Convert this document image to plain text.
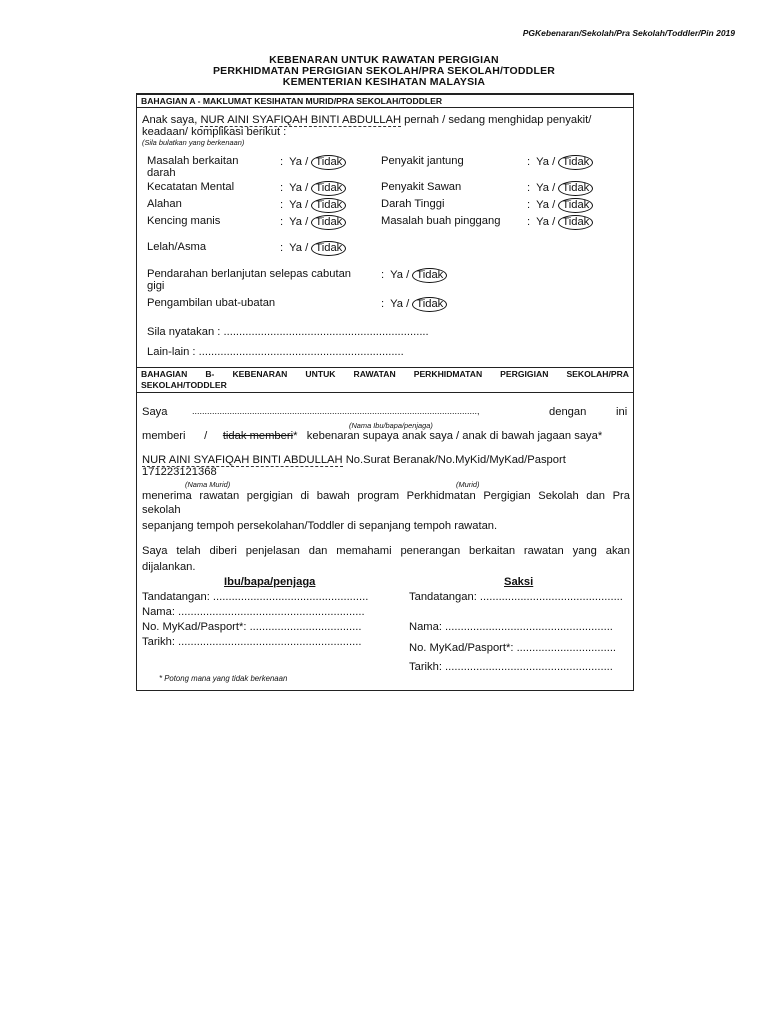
PGKebenaran/Sekolah/Pra Sekolah/Toddler/Pin 2019
KEBENARAN UNTUK RAWATAN PERGIGIAN
PERKHIDMATAN PERGIGIAN SEKOLAH/PRA SEKOLAH/TODDLER
KEMENTERIAN KESIHATAN MALAYSIA
BAHAGIAN A - MAKLUMAT KESIHATAN MURID/PRA SEKOLAH/TODDLER
Anak saya, NUR AINI SYAFIQAH BINTI ABDULLAH pernah / sedang menghidap penyakit/
keadaan/ komplikasi berikut :
(Sila bulatkan yang berkenaan)
Masalah berkaitan
darah
: Ya / Tidak
Kecatatan Mental	: Ya / Tidak
Alahan	: Ya / Tidak
Kencing manis	: Ya / Tidak
Lelah/Asma	: Ya / Tidak
Penyakit jantung	: Ya / Tidak
Penyakit Sawan	: Ya / Tidak
Darah Tinggi	: Ya / Tidak
Masalah buah pinggang : Ya / Tidak
Pendarahan berlanjutan selepas cabutan
gigi
: Ya / Tidak
Pengambilan ubat-ubatan	: Ya / Tidak
Sila nyatakan : ..................................................................
Lain-lain : ..................................................................
BAHAGIAN B- KEBENARAN UNTUK RAWATAN PERKHIDMATAN PERGIGIAN SEKOLAH/PRA
SEKOLAH/TODDLER
Saya	..................................................................................................................,	dengan	ini
(Nama Ibu/bapa/penjaga)
memberi / tidak memberi* kebenaran supaya anak saya / anak di bawah jagaan saya*
NUR AINI SYAFIQAH BINTI ABDULLAH No.Surat Beranak/No.MyKid/MyKad/Pasport
171223121368
(Nama Murid)	(Murid)
menerima rawatan pergigian di bawah program Perkhidmatan Pergigian Sekolah dan Pra
sekolah
sepanjang tempoh persekolahan/Toddler di sepanjang tempoh rawatan.
Saya telah diberi penjelasan dan memahami penerangan berkaitan rawatan yang akan
dijalankan.
Ibu/bapa/penjaga	Saksi
Tandatangan: ..................................................
Nama: ............................................................
No. MyKad/Pasport*: ....................................
Tarikh: ...........................................................
Tandatangan: ..............................................
Nama: ......................................................
No. MyKad/Pasport*: ................................
Tarikh: ......................................................
* Potong mana yang tidak berkenaan
